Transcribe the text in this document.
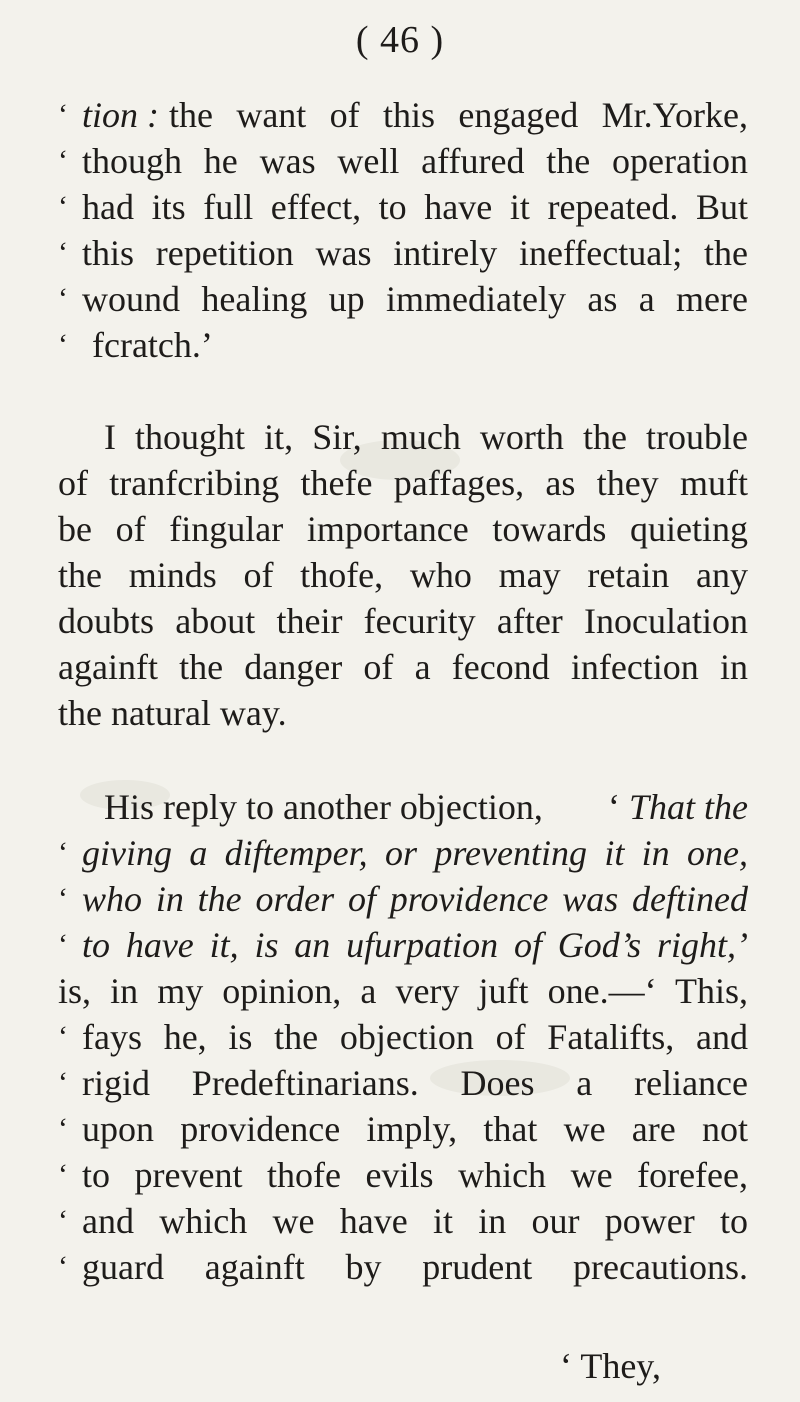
( 46 )
‘ tion : the want of this engaged Mr.Yorke,
‘ though he was well affured the operation
‘ had its full effect, to have it repeated. But
‘ this repetition was intirely ineffectual; the
‘ wound healing up immediately as a mere
‘ fcratch.’
I thought it, Sir, much worth the trouble
of tranfcribing thefe paffages, as they muft
be of fingular importance towards quieting
the minds of thofe, who may retain any
doubts about their fecurity after Inoculation
againft the danger of a fecond infection in
the natural way.
His reply to another objection, ‘ That the
‘ giving a diftemper, or preventing it in one,
‘ who in the order of providence was deftined
‘ to have it, is an ufurpation of God’s right,’
is, in my opinion, a very juft one.—‘ This,
‘ fays he, is the objection of Fatalifts, and
‘ rigid Predeftinarians. Does a reliance
‘ upon providence imply, that we are not
‘ to prevent thofe evils which we forefee,
‘ and which we have it in our power to
‘ guard againft by prudent precautions.
‘ They,
